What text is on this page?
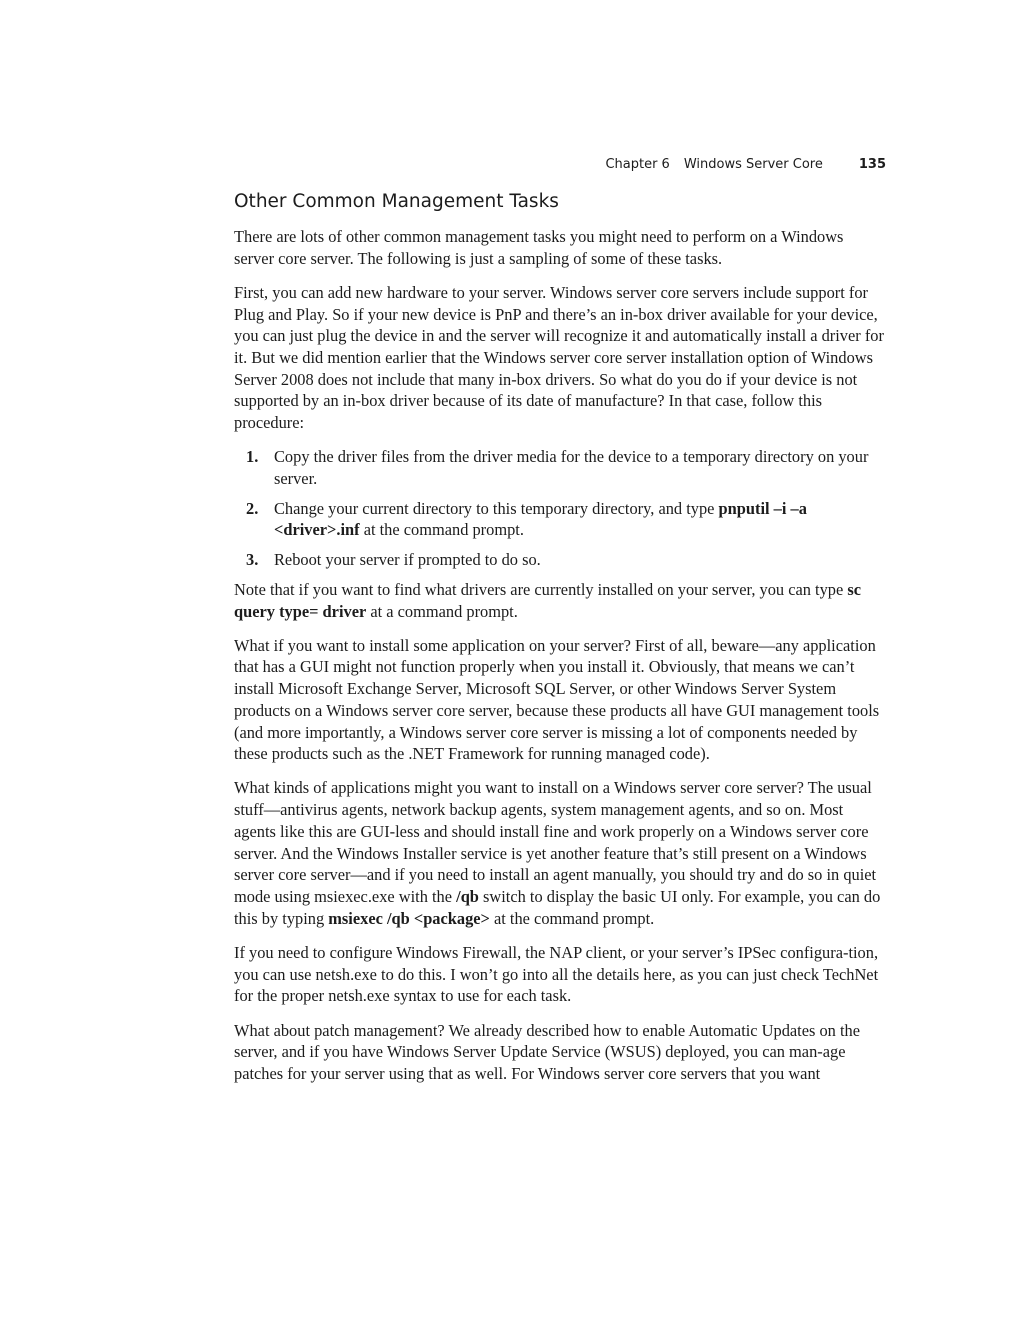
Chapter 6 Windows Server Core	135
Other Common Management Tasks

There are lots of other common management tasks you might need to perform on a Windows server core server. The following is just a sampling of some of these tasks.

First, you can add new hardware to your server. Windows server core servers include support for Plug and Play. So if your new device is PnP and there’s an in-box driver available for your device, you can just plug the device in and the server will recognize it and automatically install a driver for it. But we did mention earlier that the Windows server core server installation option of Windows Server 2008 does not include that many in-box drivers. So what do you do if your device is not supported by an in-box driver because of its date of manufacture? In that case, follow this procedure:

1. Copy the driver files from the driver media for the device to a temporary directory on your server.
2. Change your current directory to this temporary directory, and type pnputil –i –a <driver>.inf at the command prompt.
3. Reboot your server if prompted to do so.

Note that if you want to find what drivers are currently installed on your server, you can type sc query type= driver at a command prompt.

What if you want to install some application on your server? First of all, beware—any application that has a GUI might not function properly when you install it. Obviously, that means we can’t install Microsoft Exchange Server, Microsoft SQL Server, or other Windows Server System products on a Windows server core server, because these products all have GUI management tools (and more importantly, a Windows server core server is missing a lot of components needed by these products such as the .NET Framework for running managed code).

What kinds of applications might you want to install on a Windows server core server? The usual stuff—antivirus agents, network backup agents, system management agents, and so on. Most agents like this are GUI-less and should install fine and work properly on a Windows server core server. And the Windows Installer service is yet another feature that’s still present on a Windows server core server—and if you need to install an agent manually, you should try and do so in quiet mode using msiexec.exe with the /qb switch to display the basic UI only. For example, you can do this by typing msiexec /qb <package> at the command prompt.

If you need to configure Windows Firewall, the NAP client, or your server’s IPSec configura-tion, you can use netsh.exe to do this. I won’t go into all the details here, as you can just check TechNet for the proper netsh.exe syntax to use for each task.

What about patch management? We already described how to enable Automatic Updates on the server, and if you have Windows Server Update Service (WSUS) deployed, you can man-age patches for your server using that as well. For Windows server core servers that you want
